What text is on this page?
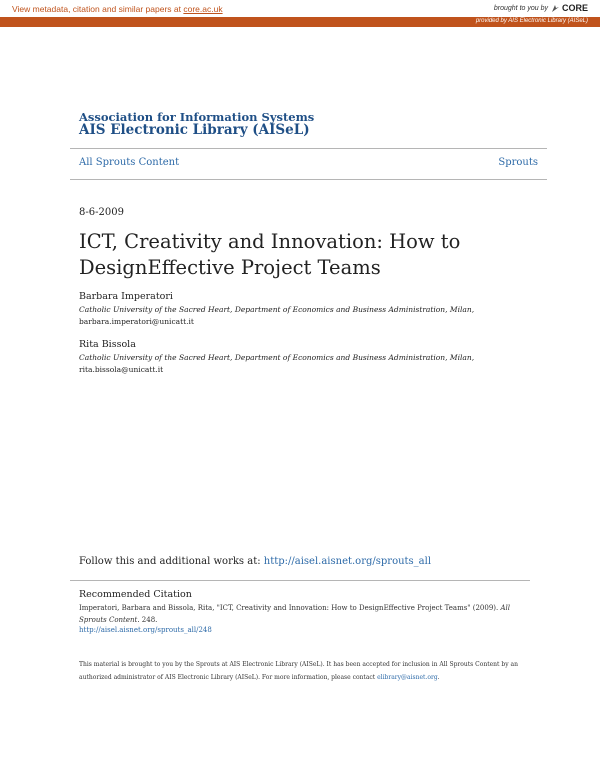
View metadata, citation and similar papers at core.ac.uk	brought to you by CORE
provided by AIS Electronic Library (AISeL)
Association for Information Systems
AIS Electronic Library (AISeL)
All Sprouts Content	Sprouts
8-6-2009
ICT, Creativity and Innovation: How to DesignEffective Project Teams
Barbara Imperatori
Catholic University of the Sacred Heart, Department of Economics and Business Administration, Milan,
barbara.imperatori@unicatt.it
Rita Bissola
Catholic University of the Sacred Heart, Department of Economics and Business Administration, Milan, rita.bissola@unicatt.it
Follow this and additional works at: http://aisel.aisnet.org/sprouts_all
Recommended Citation
Imperatori, Barbara and Bissola, Rita, "ICT, Creativity and Innovation: How to DesignEffective Project Teams" (2009). All Sprouts Content. 248.
http://aisel.aisnet.org/sprouts_all/248
This material is brought to you by the Sprouts at AIS Electronic Library (AISeL). It has been accepted for inclusion in All Sprouts Content by an authorized administrator of AIS Electronic Library (AISeL). For more information, please contact elibrary@aisnet.org.
